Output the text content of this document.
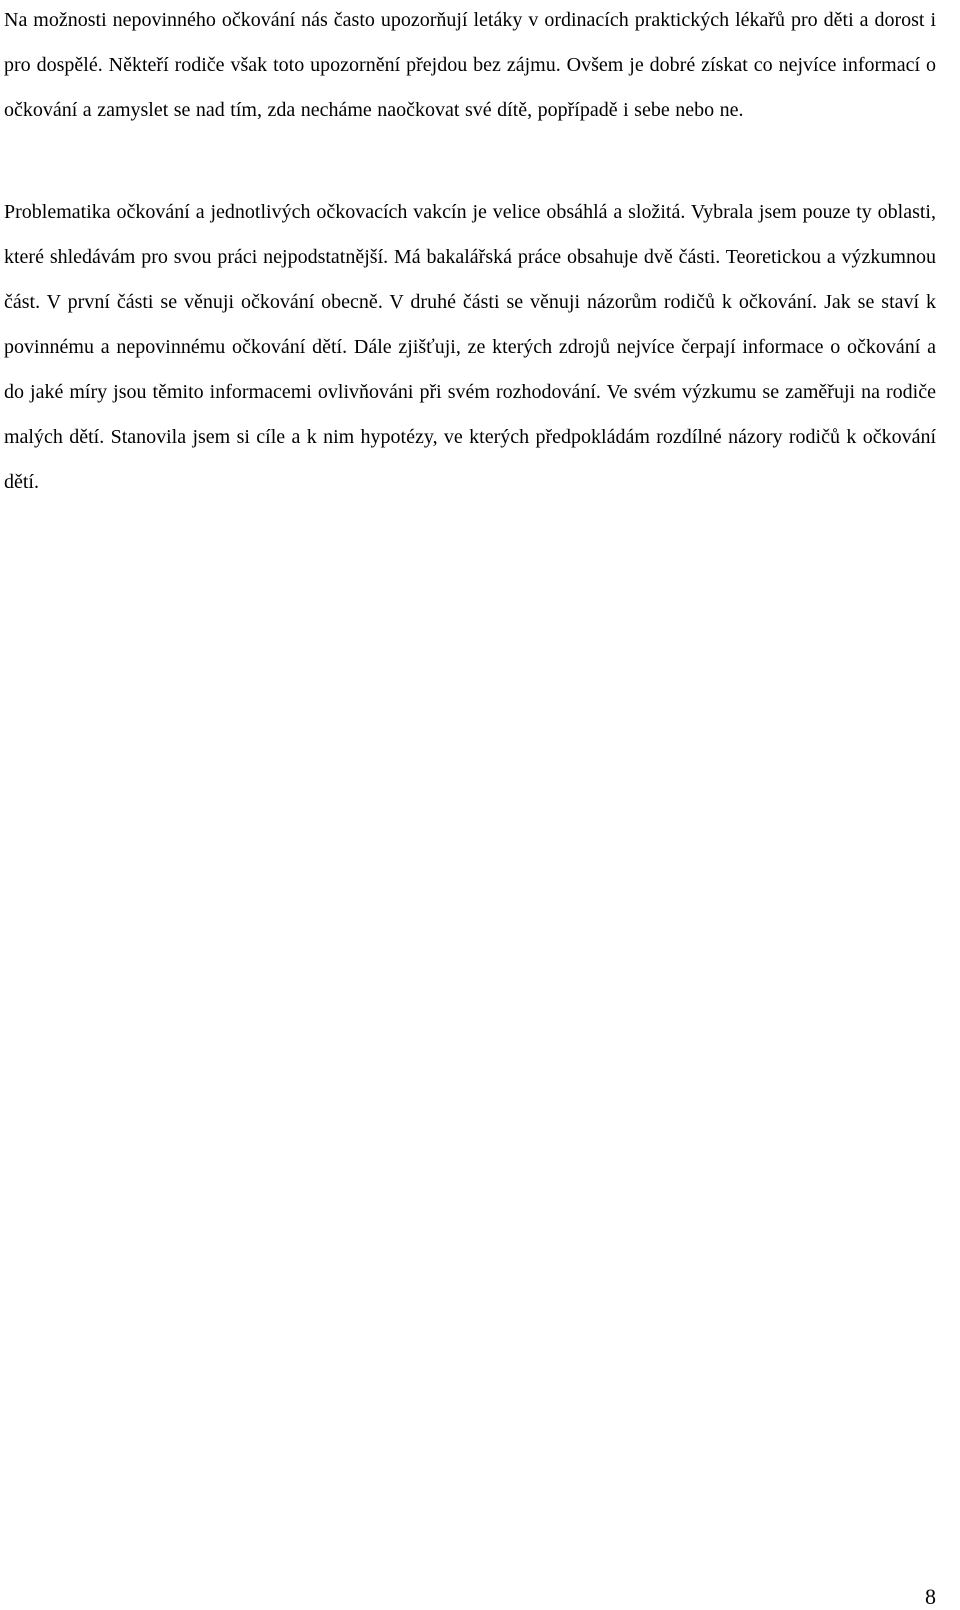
Na možnosti nepovinného očkování nás často upozorňují letáky v ordinacích praktických lékařů pro děti a dorost i pro dospělé. Někteří rodiče však toto upozornění přejdou bez zájmu. Ovšem je dobré získat co nejvíce informací o očkování a zamyslet se nad tím, zda necháme naočkovat své dítě, popřípadě i sebe nebo ne.

Problematika očkování a jednotlivých očkovacích vakcín je velice obsáhlá a složitá. Vybrala jsem pouze ty oblasti, které shledávám pro svou práci nejpodstatnější. Má bakalářská práce obsahuje dvě části. Teoretickou a výzkumnou část. V první části se věnuji očkování obecně. V druhé části se věnuji názorům rodičů k očkování. Jak se staví k povinnému a nepovinnému očkování dětí. Dále zjišťuji, ze kterých zdrojů nejvíce čerpají informace o očkování a do jaké míry jsou těmito informacemi ovlivňováni při svém rozhodování. Ve svém výzkumu se zaměřuji na rodiče malých dětí. Stanovila jsem si cíle a k nim hypotézy, ve kterých předpokládám rozdílné názory rodičů k očkování dětí.

8
